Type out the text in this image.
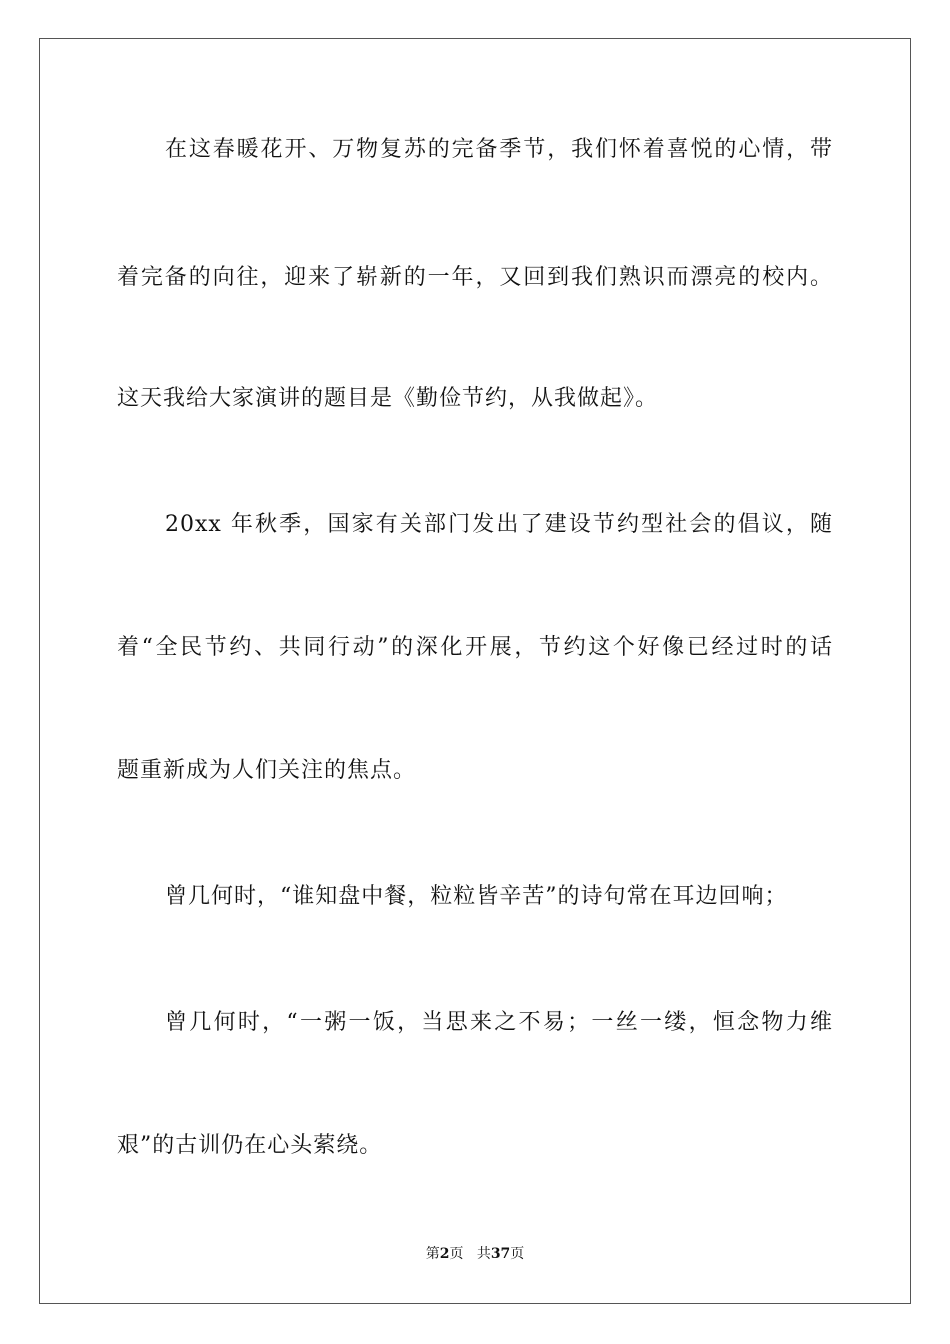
在这春暖花开、万物复苏的完备季节，我们怀着喜悦的心情，带
着完备的向往，迎来了崭新的一年，又回到我们熟识而漂亮的校内。
这天我给大家演讲的题目是《勤俭节约，从我做起》。
20xx 年秋季，国家有关部门发出了建设节约型社会的倡议，随
着“全民节约、共同行动”的深化开展，节约这个好像已经过时的话
题重新成为人们关注的焦点。
曾几何时，“谁知盘中餐，粒粒皆辛苦”的诗句常在耳边回响；
曾几何时，“一粥一饭，当思来之不易；一丝一缕，恒念物力维
艰”的古训仍在心头萦绕。
第2页 共37页
